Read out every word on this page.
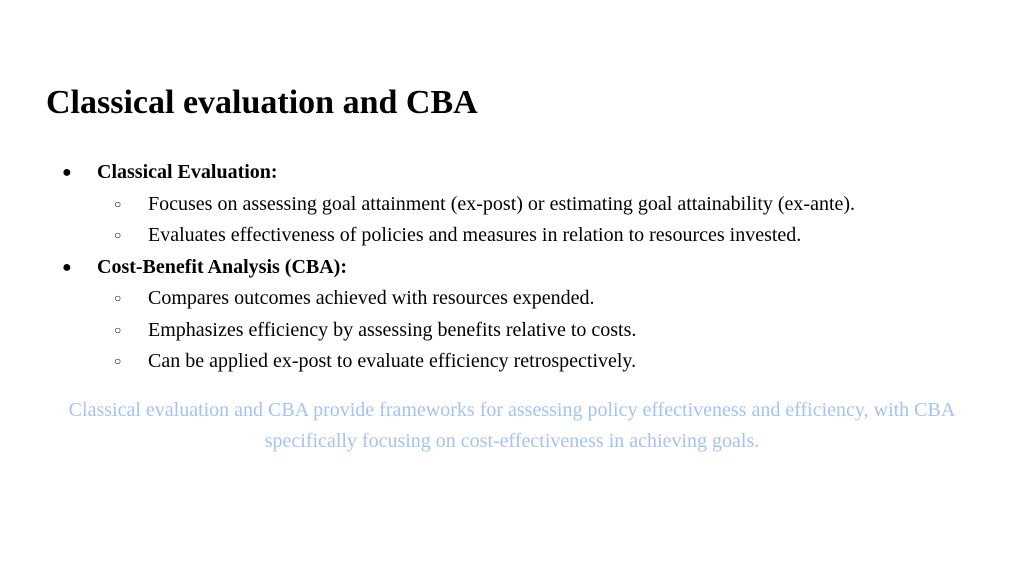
Classical evaluation and CBA
● Classical Evaluation:
○ Focuses on assessing goal attainment (ex-post) or estimating goal attainability (ex-ante).
○ Evaluates effectiveness of policies and measures in relation to resources invested.
● Cost-Benefit Analysis (CBA):
○ Compares outcomes achieved with resources expended.
○ Emphasizes efficiency by assessing benefits relative to costs.
○ Can be applied ex-post to evaluate efficiency retrospectively.

Classical evaluation and CBA provide frameworks for assessing policy effectiveness and efficiency, with CBA specifically focusing on cost-effectiveness in achieving goals.
